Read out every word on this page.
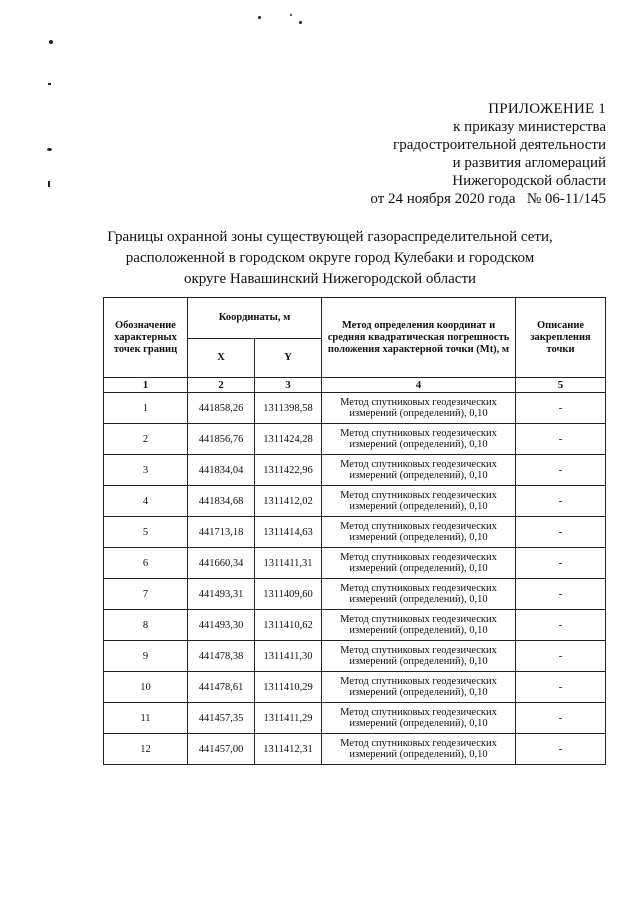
ПРИЛОЖЕНИЕ 1
к приказу министерства
градостроительной деятельности
и развития агломераций
Нижегородской области
от 24 ноября 2020 года   № 06-11/145
Границы охранной зоны существующей газораспределительной сети,
расположенной в городском округе город Кулебаки и городском
округе Навашинский Нижегородской области
Обозначение характерных точек границ	Координаты, м		Метод определения координат и средняя квадратическая погрешность положения характерной точки (Mt), м	Описание закрепления точки
	X	Y		
1	2	3	4	5
1	441858,26	1311398,58	Метод спутниковых геодезических
измерений (определений), 0,10	-
2	441856,76	1311424,28	Метод спутниковых геодезических
измерений (определений), 0,10	-
3	441834,04	1311422,96	Метод спутниковых геодезических
измерений (определений), 0,10	-
4	441834,68	1311412,02	Метод спутниковых геодезических
измерений (определений), 0,10	-
5	441713,18	1311414,63	Метод спутниковых геодезических
измерений (определений), 0,10	-
6	441660,34	1311411,31	Метод спутниковых геодезических
измерений (определений), 0,10	-
7	441493,31	1311409,60	Метод спутниковых геодезических
измерений (определений), 0,10	-
8	441493,30	1311410,62	Метод спутниковых геодезических
измерений (определений), 0,10	-
9	441478,38	1311411,30	Метод спутниковых геодезических
измерений (определений), 0,10	-
10	441478,61	1311410,29	Метод спутниковых геодезических
измерений (определений), 0,10	-
11	441457,35	1311411,29	Метод спутниковых геодезических
измерений (определений), 0,10	-
12	441457,00	1311412,31	Метод спутниковых геодезических
измерений (определений), 0,10	-
